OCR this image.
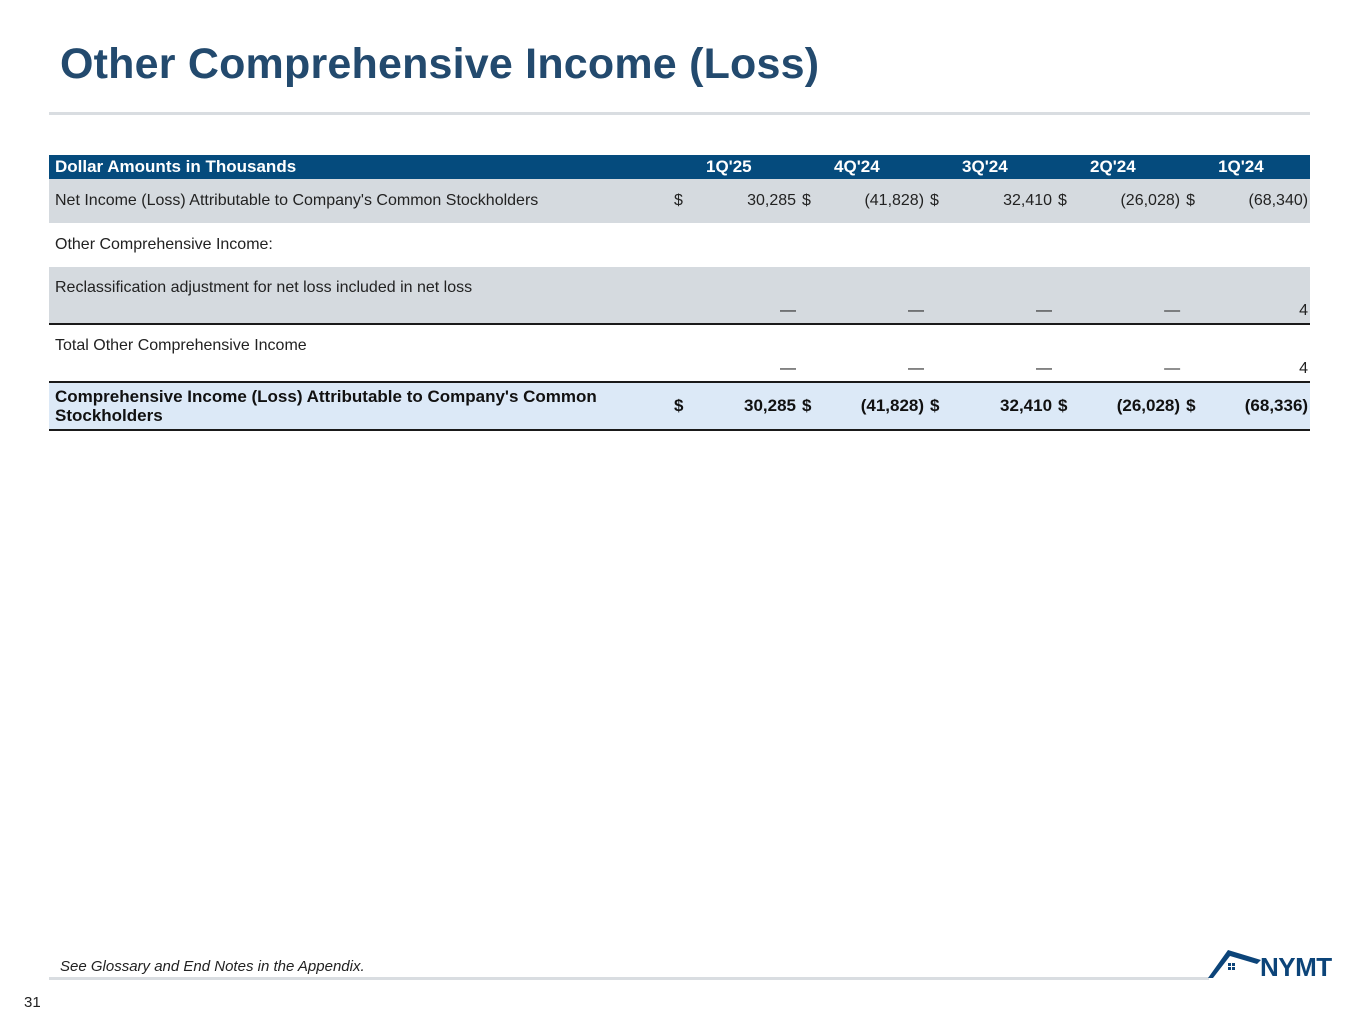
Other Comprehensive Income (Loss)
Dollar Amounts in Thousands	1Q'25		4Q'24		3Q'24		2Q'24		1Q'24	
Net Income (Loss) Attributable to Company's Common Stockholders	$	30,285	$	(41,828)	$	32,410	$	(26,028)	$	(68,340)
Other Comprehensive Income:										
Reclassification adjustment for net loss included in net loss		—		—		—		—		4
Total Other Comprehensive Income		—		—		—		—		4
Comprehensive Income (Loss) Attributable to Company's Common Stockholders	$	30,285	$	(41,828)	$	32,410	$	(26,028)	$	(68,336)
See Glossary and End Notes in the Appendix.
31
NYMT
